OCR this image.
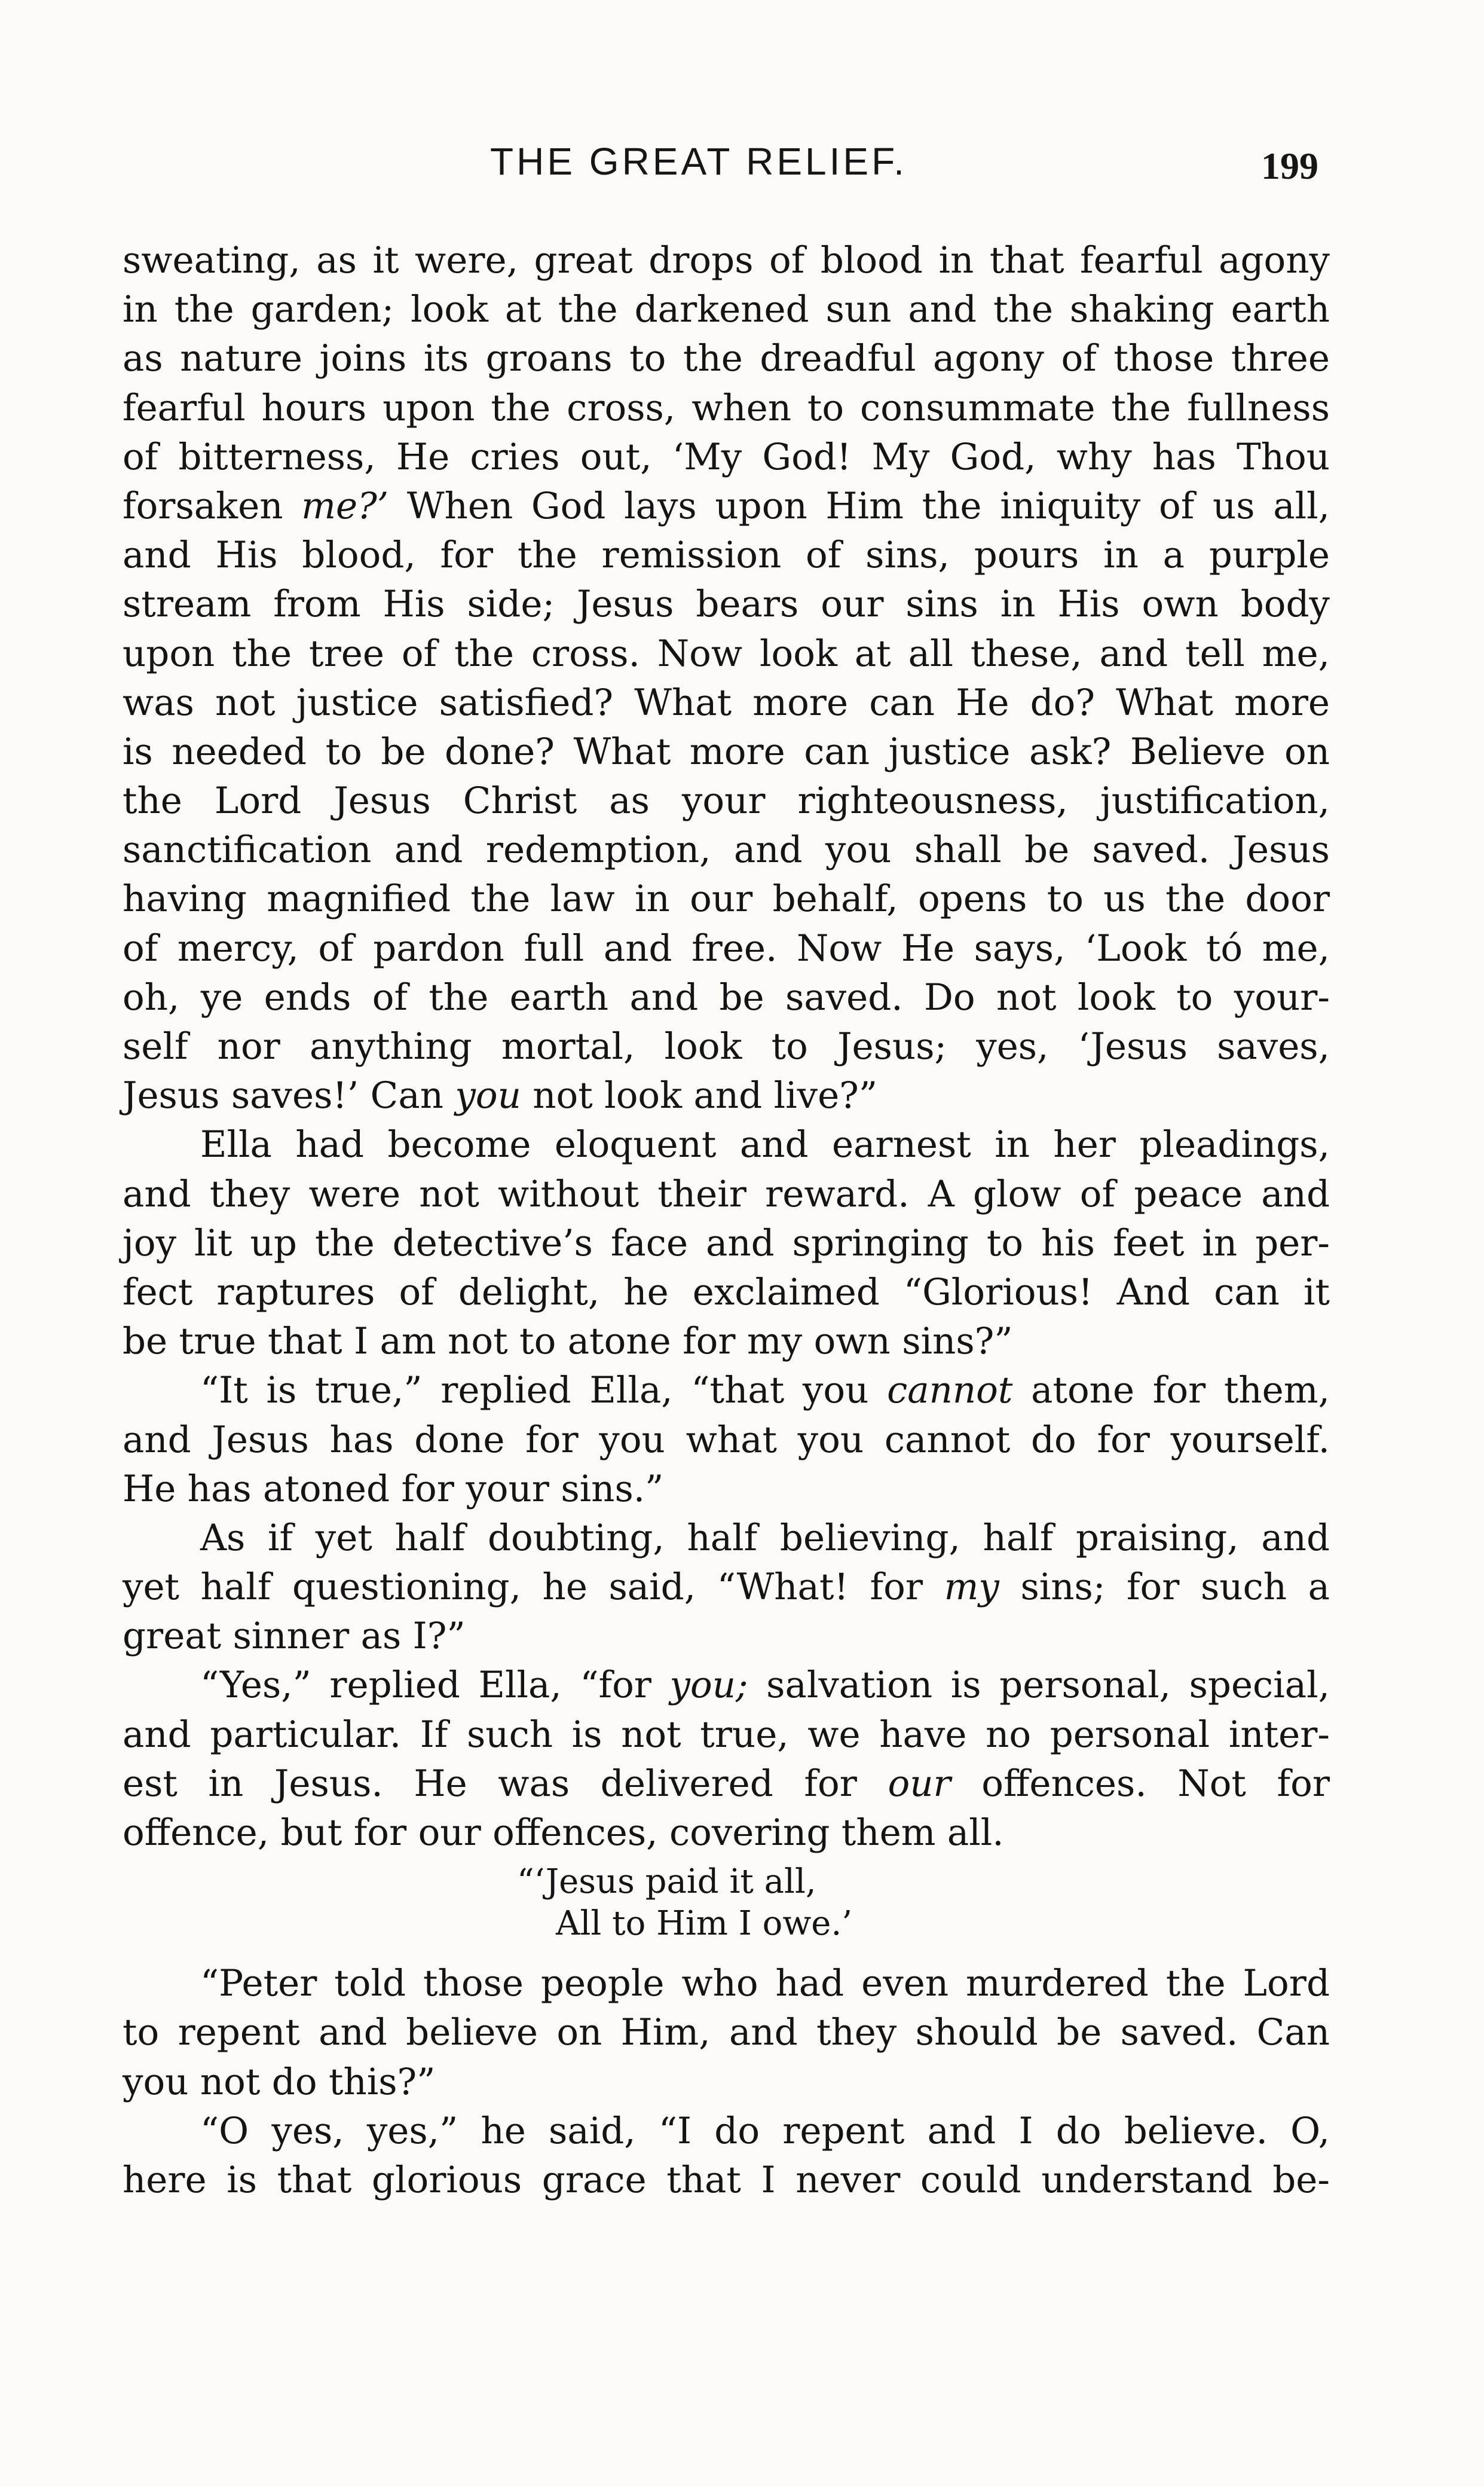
THE GREAT RELIEF.	199
sweating, as it were, great drops of blood in that fearful agony
in the garden; look at the darkened sun and the shaking earth
as nature joins its groans to the dreadful agony of those three
fearful hours upon the cross, when to consummate the fullness
of bitterness, He cries out, ‘My God! My God, why has Thou
forsaken me?’ When God lays upon Him the iniquity of us all,
and His blood, for the remission of sins, pours in a purple
stream from His side; Jesus bears our sins in His own body
upon the tree of the cross. Now look at all these, and tell me,
was not justice satisfied? What more can He do? What more
is needed to be done? What more can justice ask? Believe on
the Lord Jesus Christ as your righteousness, justification,
sanctification and redemption, and you shall be saved. Jesus
having magnified the law in our behalf, opens to us the door
of mercy, of pardon full and free. Now He says, ‘Look tó me,
oh, ye ends of the earth and be saved. Do not look to your-
self nor anything mortal, look to Jesus; yes, ‘Jesus saves,
Jesus saves!’ Can you not look and live?”
Ella had become eloquent and earnest in her pleadings,
and they were not without their reward. A glow of peace and
joy lit up the detective’s face and springing to his feet in per-
fect raptures of delight, he exclaimed “Glorious! And can it
be true that I am not to atone for my own sins?”
“It is true,” replied Ella, “that you cannot atone for them,
and Jesus has done for you what you cannot do for yourself.
He has atoned for your sins.”
As if yet half doubting, half believing, half praising, and
yet half questioning, he said, “What! for my sins; for such a
great sinner as I?”
“Yes,” replied Ella, “for you; salvation is personal, special,
and particular. If such is not true, we have no personal inter-
est in Jesus. He was delivered for our offences. Not for
offence, but for our offences, covering them all.
“‘Jesus paid it all,
All to Him I owe.’
“Peter told those people who had even murdered the Lord
to repent and believe on Him, and they should be saved. Can
you not do this?”
“O yes, yes,” he said, “I do repent and I do believe. O,
here is that glorious grace that I never could understand be-
